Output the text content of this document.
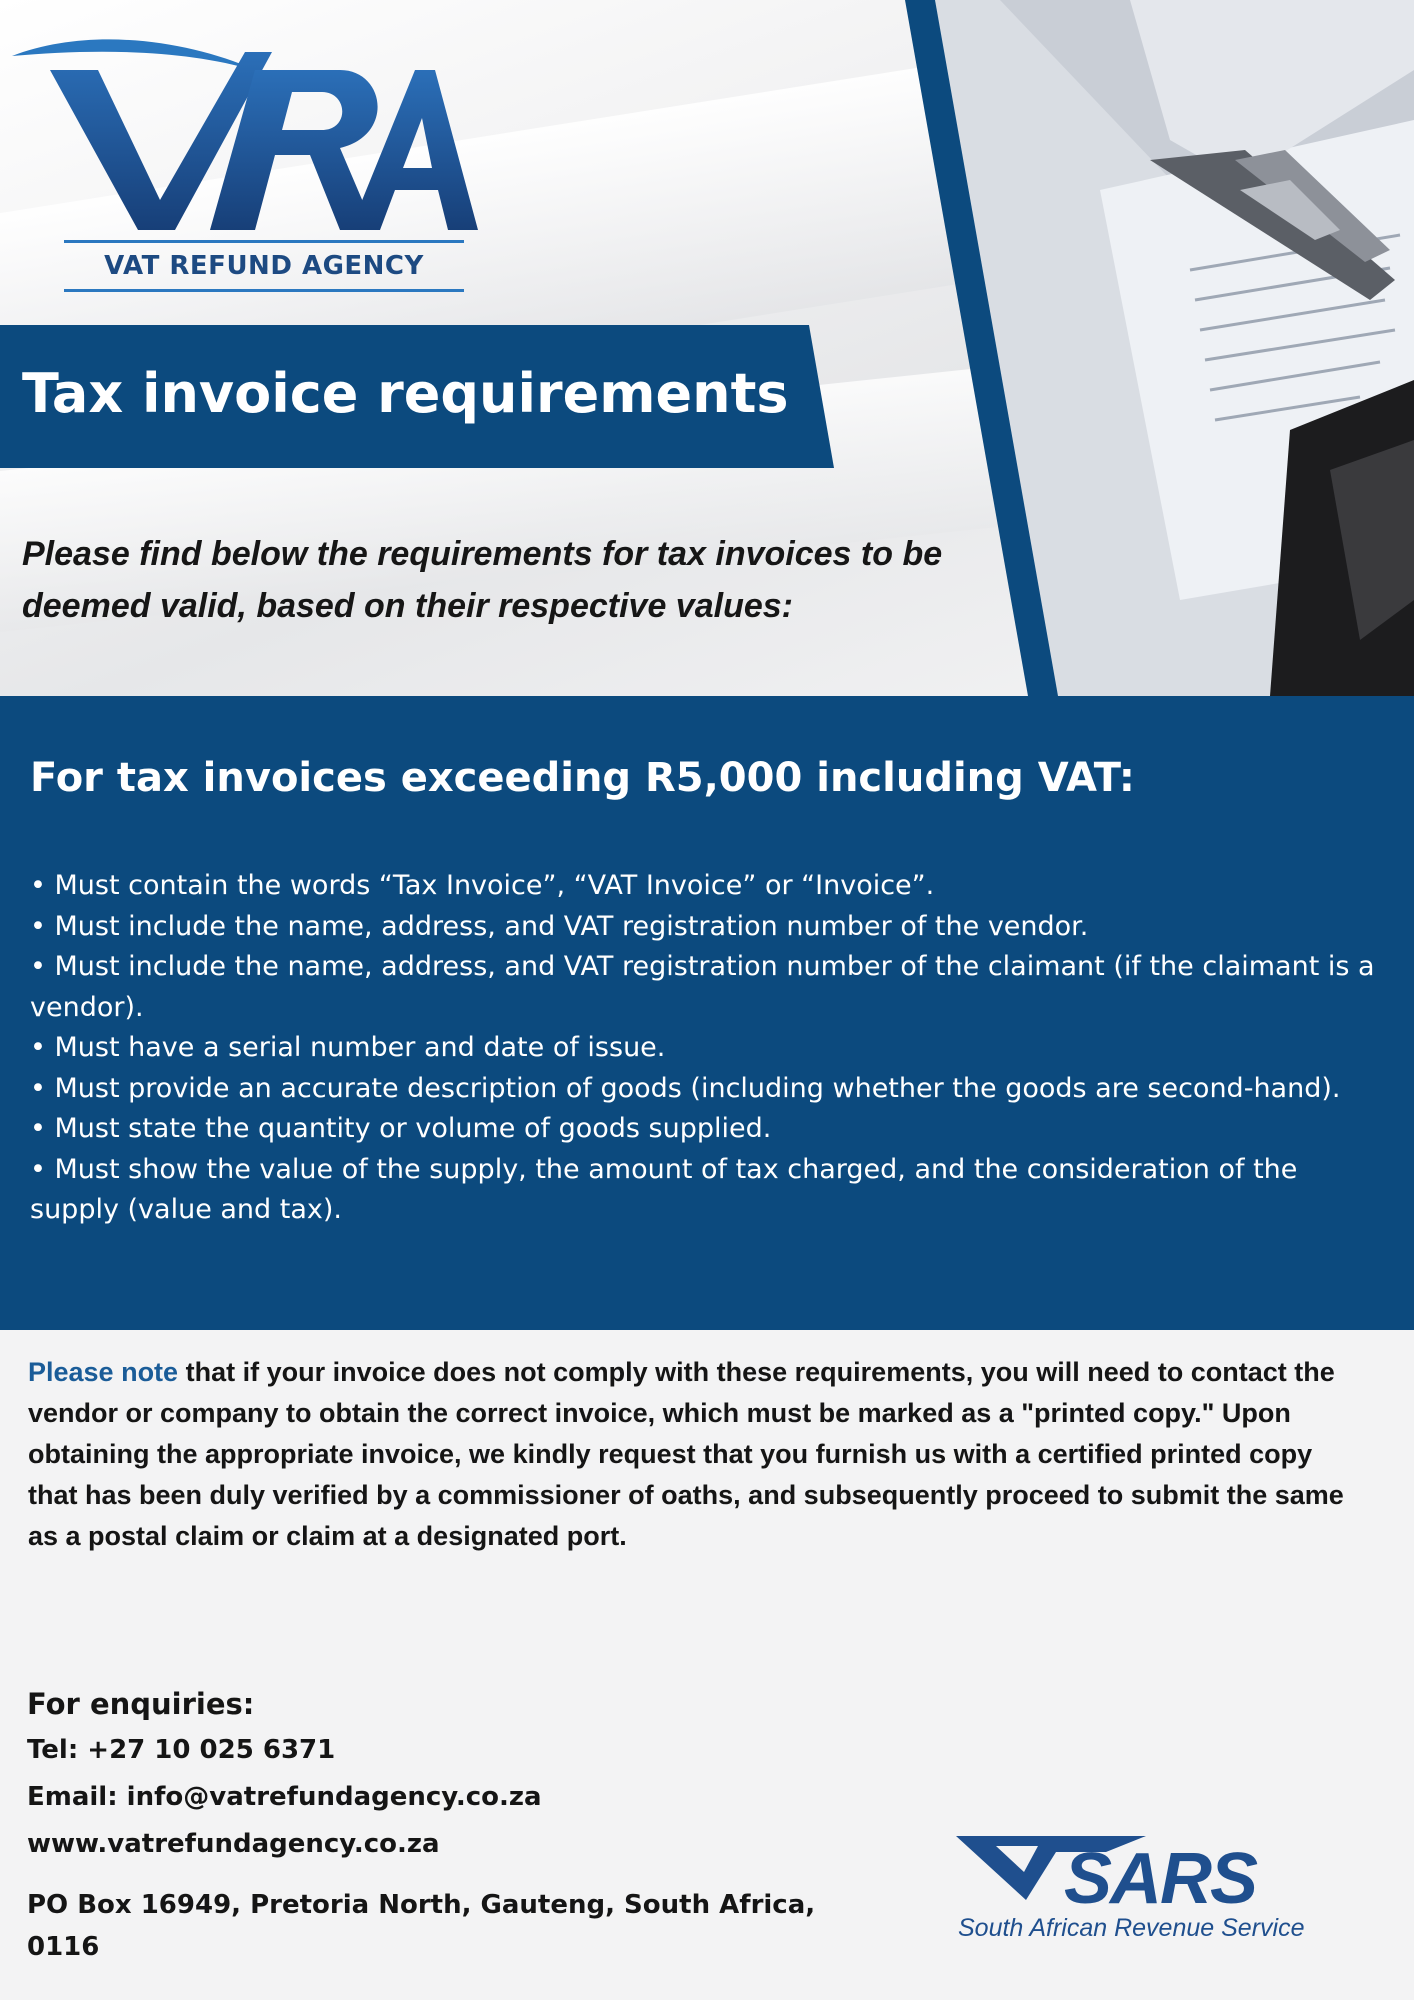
VAT REFUND AGENCY
Tax invoice requirements
Please find below the requirements for tax invoices to be deemed valid, based on their respective values:
For tax invoices exceeding R5,000 including VAT:
• Must contain the words “Tax Invoice”, “VAT Invoice” or “Invoice”.
• Must include the name, address, and VAT registration number of the vendor.
• Must include the name, address, and VAT registration number of the claimant (if the claimant is a vendor).
• Must have a serial number and date of issue.
• Must provide an accurate description of goods (including whether the goods are second-hand).
• Must state the quantity or volume of goods supplied.
• Must show the value of the supply, the amount of tax charged, and the consideration of the supply (value and tax).
Please note that if your invoice does not comply with these requirements, you will need to contact the vendor or company to obtain the correct invoice, which must be marked as a "printed copy." Upon obtaining the appropriate invoice, we kindly request that you furnish us with a certified printed copy that has been duly verified by a commissioner of oaths, and subsequently proceed to submit the same as a postal claim or claim at a designated port.
For enquiries:
Tel: +27 10 025 6371
Email: info@vatrefundagency.co.za
www.vatrefundagency.co.za
PO Box 16949, Pretoria North, Gauteng, South Africa, 0116
SARS
South African Revenue Service
